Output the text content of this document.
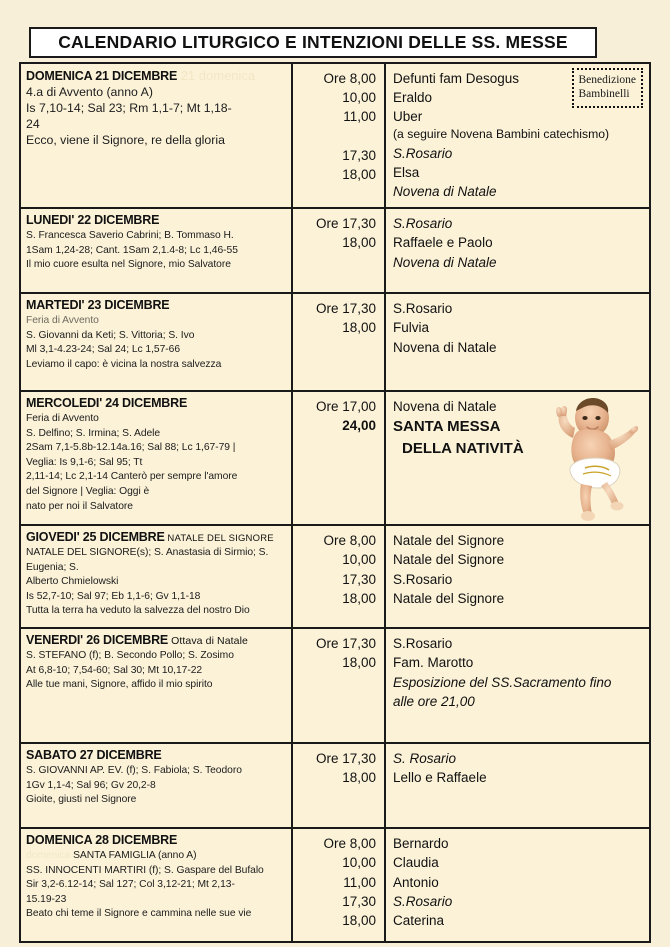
CALENDARIO LITURGICO E INTENZIONI DELLE SS. MESSE
DOMENICA 21 DICEMBRE 21 domenica
4.a di Avvento (anno A)
Is 7,10-14; Sal 23; Rm 1,1-7; Mt 1,18-
24
Ecco, viene il Signore, re della gloria
Ore 8,00
10,00
11,00

17,30
18,00
Defunti fam Desogus
Eraldo
Uber
(a seguire Novena Bambini catechismo)
S.Rosario
Elsa
Novena di Natale
Benedizione
Bambinelli
LUNEDI' 22 DICEMBRE
S. Francesca Saverio Cabrini; B. Tommaso H.
1Sam 1,24-28; Cant. 1Sam 2,1.4-8; Lc 1,46-55
Il mio cuore esulta nel Signore, mio Salvatore
Ore 17,30
18,00
S.Rosario
Raffaele e Paolo
Novena di Natale
MARTEDI' 23 DICEMBRE
Feria di Avvento
S. Giovanni da Keti; S. Vittoria; S. Ivo
Ml 3,1-4.23-24; Sal 24; Lc 1,57-66
Leviamo il capo: è vicina la nostra salvezza
Ore 17,30
18,00
S.Rosario
Fulvia
Novena di Natale
MERCOLEDI' 24 DICEMBRE
Feria di Avvento
S. Delfino; S. Irmina; S. Adele
2Sam 7,1-5.8b-12.14a.16; Sal 88; Lc 1,67-79 |
Veglia: Is 9,1-6; Sal 95; Tt
2,11-14; Lc 2,1-14 Canterò per sempre l'amore
del Signore | Veglia: Oggi è
nato per noi il Salvatore
Ore 17,00
24,00
Novena di Natale
SANTA MESSA
DELLA NATIVITÀ
GIOVEDI' 25 DICEMBRE NATALE DEL SIGNORE
NATALE DEL SIGNORE(s); S. Anastasia di Sirmio; S.
Eugenia; S.
Alberto Chmielowski
Is 52,7-10; Sal 97; Eb 1,1-6; Gv 1,1-18
Tutta la terra ha veduto la salvezza del nostro Dio
Ore 8,00
10,00
17,30
18,00
Natale del Signore
Natale del Signore
S.Rosario
Natale del Signore
VENERDI' 26 DICEMBRE Ottava di Natale
S. STEFANO (f); B. Secondo Pollo; S. Zosimo
At 6,8-10; 7,54-60; Sal 30; Mt 10,17-22
Alle tue mani, Signore, affido il mio spirito
Ore 17,30
18,00
S.Rosario
Fam. Marotto
Esposizione del SS.Sacramento fino
alle ore 21,00
SABATO 27 DICEMBRE
S. GIOVANNI AP. EV. (f); S. Fabiola; S. Teodoro
1Gv 1,1-4; Sal 96; Gv 20,2-8
Gioite, giusti nel Signore
Ore 17,30
18,00
S. Rosario
Lello e Raffaele
DOMENICA 28 DICEMBRE
domenica SANTA FAMIGLIA (anno A)
SS. INNOCENTI MARTIRI (f); S. Gaspare del Bufalo
Sir 3,2-6.12-14; Sal 127; Col 3,12-21; Mt 2,13-
15.19-23
Beato chi teme il Signore e cammina nelle sue vie
Ore 8,00
10,00
11,00
17,30
18,00
Bernardo
Claudia
Antonio
S.Rosario
Caterina
